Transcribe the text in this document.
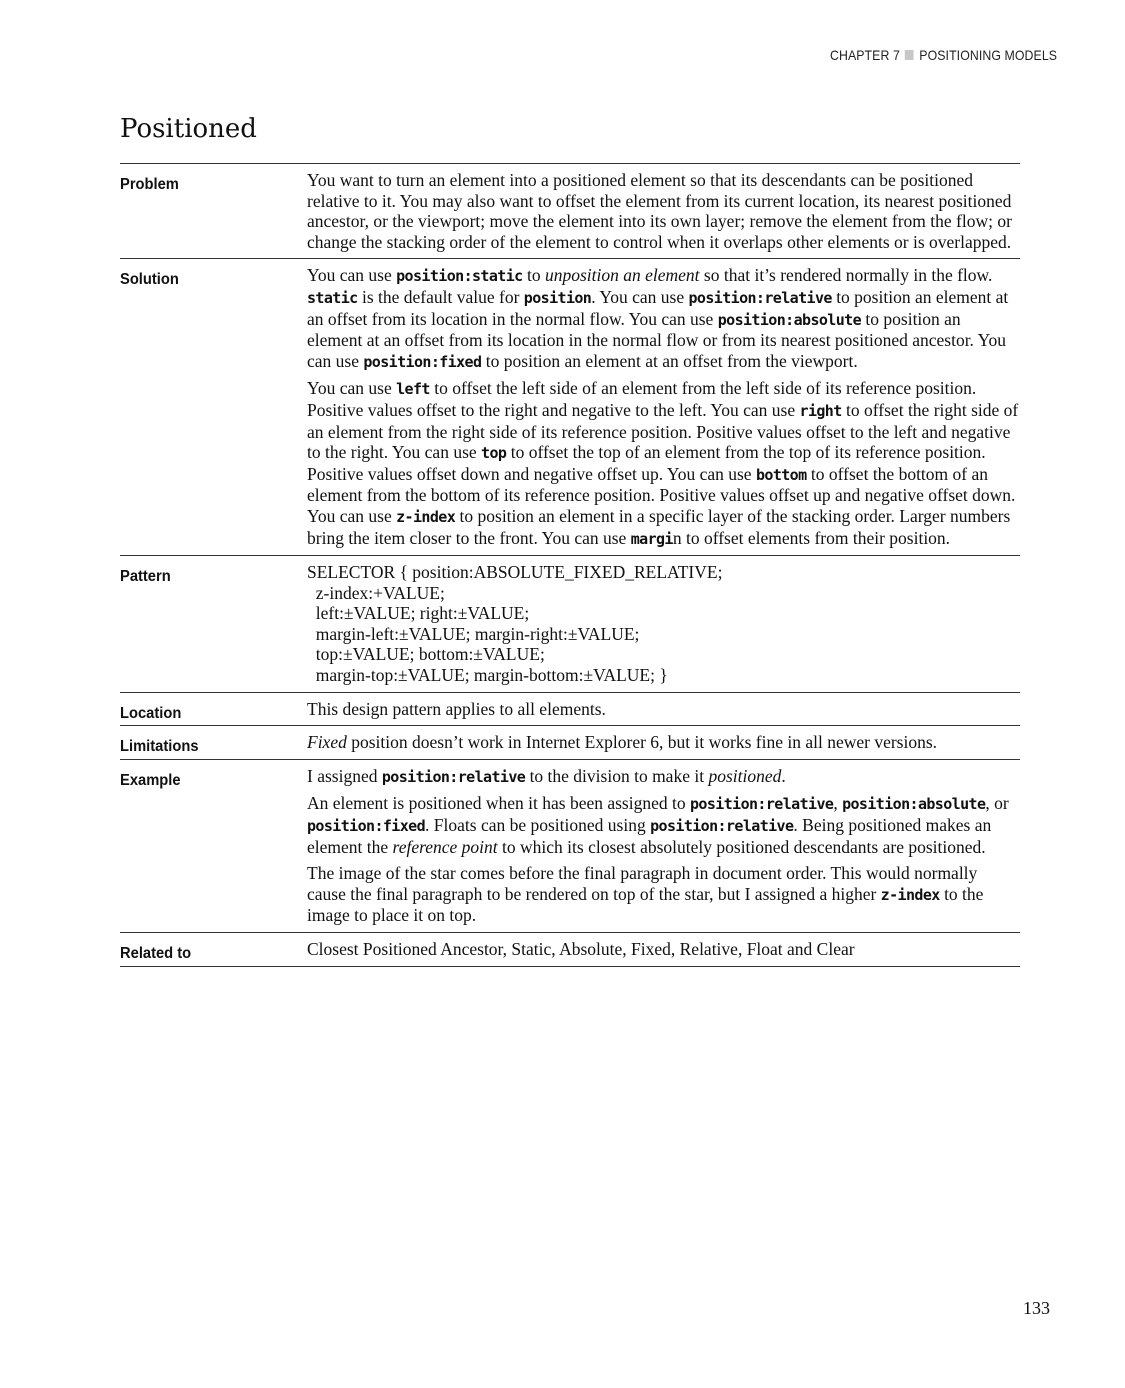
CHAPTER 7 POSITIONING MODELS
Positioned
Problem	You want to turn an element into a positioned element so that its descendants can be positioned relative to it. You may also want to offset the element from its current location, its nearest positioned ancestor, or the viewport; move the element into its own layer; remove the element from the flow; or change the stacking order of the element to control when it overlaps other elements or is overlapped.

Solution	You can use position:static to unposition an element so that it’s rendered normally in the flow. static is the default value for position. You can use position:relative to position an element at an offset from its location in the normal flow. You can use position:absolute to position an element at an offset from its location in the normal flow or from its nearest positioned ancestor. You can use position:fixed to position an element at an offset from the viewport.

You can use left to offset the left side of an element from the left side of its reference position. Positive values offset to the right and negative to the left. You can use right to offset the right side of an element from the right side of its reference position. Positive values offset to the left and negative to the right. You can use top to offset the top of an element from the top of its reference position. Positive values offset down and negative offset up. You can use bottom to offset the bottom of an element from the bottom of its reference position. Positive values offset up and negative offset down. You can use z-index to position an element in a specific layer of the stacking order. Larger numbers bring the item closer to the front. You can use margin to offset elements from their position.

Pattern	SELECTOR { position:ABSOLUTE_FIXED_RELATIVE;
z-index:+VALUE;
left:±VALUE; right:±VALUE;
margin-left:±VALUE; margin-right:±VALUE;
top:±VALUE; bottom:±VALUE;
margin-top:±VALUE; margin-bottom:±VALUE; }
Location	This design pattern applies to all elements.

Limitations	Fixed position doesn’t work in Internet Explorer 6, but it works fine in all newer versions.

Example	I assigned position:relative to the division to make it positioned.

An element is positioned when it has been assigned to position:relative, position:absolute, or position:fixed. Floats can be positioned using position:relative. Being positioned makes an element the reference point to which its closest absolutely positioned descendants are positioned.

The image of the star comes before the final paragraph in document order. This would normally cause the final paragraph to be rendered on top of the star, but I assigned a higher z-index to the image to place it on top.

Related to	Closest Positioned Ancestor, Static, Absolute, Fixed, Relative, Float and Clear

133
